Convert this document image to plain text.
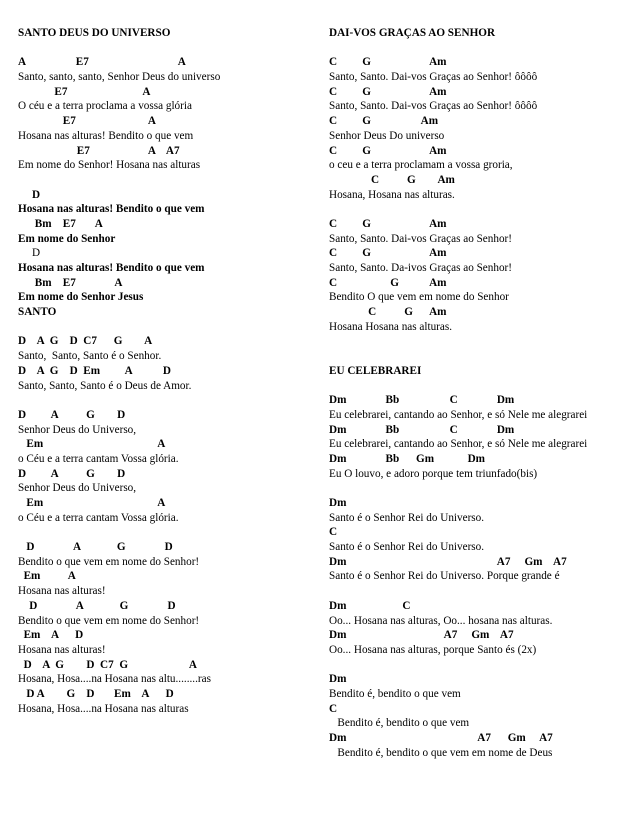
SANTO DEUS DO UNIVERSO
A                  E7                                A
Santo, santo, santo, Senhor Deus do universo
E7                           A
O céu e a terra proclama a vossa glória
E7                          A
Hosana nas alturas! Bendito o que vem
E7                     A    A7
Em nome do Senhor! Hosana nas alturas
D
Hosana nas alturas! Bendito o que vem
Bm    E7       A
Em nome do Senhor
D
Hosana nas alturas! Bendito o que vem
Bm    E7              A
Em nome do Senhor Jesus
SANTO
D    A  G    D  C7      G        A
Santo,  Santo, Santo é o Senhor.
D    A  G    D  Em         A           D
Santo, Santo, Santo é o Deus de Amor.
D         A          G        D
Senhor Deus do Universo,
Em                                         A
o Céu e a terra cantam Vossa glória.
D         A          G        D
Senhor Deus do Universo,
Em                                         A
o Céu e a terra cantam Vossa glória.
D              A             G              D
Bendito o que vem em nome do Senhor!
Em          A
Hosana nas alturas!
D              A             G              D
Bendito o que vem em nome do Senhor!
Em    A      D
Hosana nas alturas!
D    A  G        D  C7  G                      A
Hosana, Hosa....na Hosana nas altu........ras
D A        G    D       Em    A      D
Hosana, Hosa....na Hosana nas alturas
DAI-VOS GRAÇAS AO SENHOR
C         G                     Am
Santo, Santo. Dai-vos Graças ao Senhor! ôôôô
C         G                     Am
Santo, Santo. Dai-vos Graças ao Senhor! ôôôô
C         G                  Am
Senhor Deus Do universo
C         G                     Am
o ceu e a terra proclamam a vossa groria,
C          G        Am
Hosana, Hosana nas alturas.
C         G                     Am
Santo, Santo. Dai-vos Graças ao Senhor!
C         G                     Am
Santo, Santo. Da-ivos Graças ao Senhor!
C                   G           Am
Bendito O que vem em nome do Senhor
C          G      Am
Hosana Hosana nas alturas.
EU CELEBRAREI
Dm              Bb                  C              Dm
Eu celebrarei, cantando ao Senhor, e só Nele me alegrarei
Dm              Bb                  C              Dm
Eu celebrarei, cantando ao Senhor, e só Nele me alegrarei
Dm              Bb      Gm            Dm
Eu O louvo, e adoro porque tem triunfado(bis)
Dm
Santo é o Senhor Rei do Universo.
C
Santo é o Senhor Rei do Universo.
Dm                                                      A7     Gm    A7
Santo é o Senhor Rei do Universo. Porque grande é
Dm                    C
Oo... Hosana nas alturas, Oo... hosana nas alturas.
Dm                                   A7     Gm    A7
Oo... Hosana nas alturas, porque Santo és (2x)
Dm
Bendito é, bendito o que vem
C
Bendito é, bendito o que vem
Dm                                               A7      Gm     A7
Bendito é, bendito o que vem em nome de Deus
